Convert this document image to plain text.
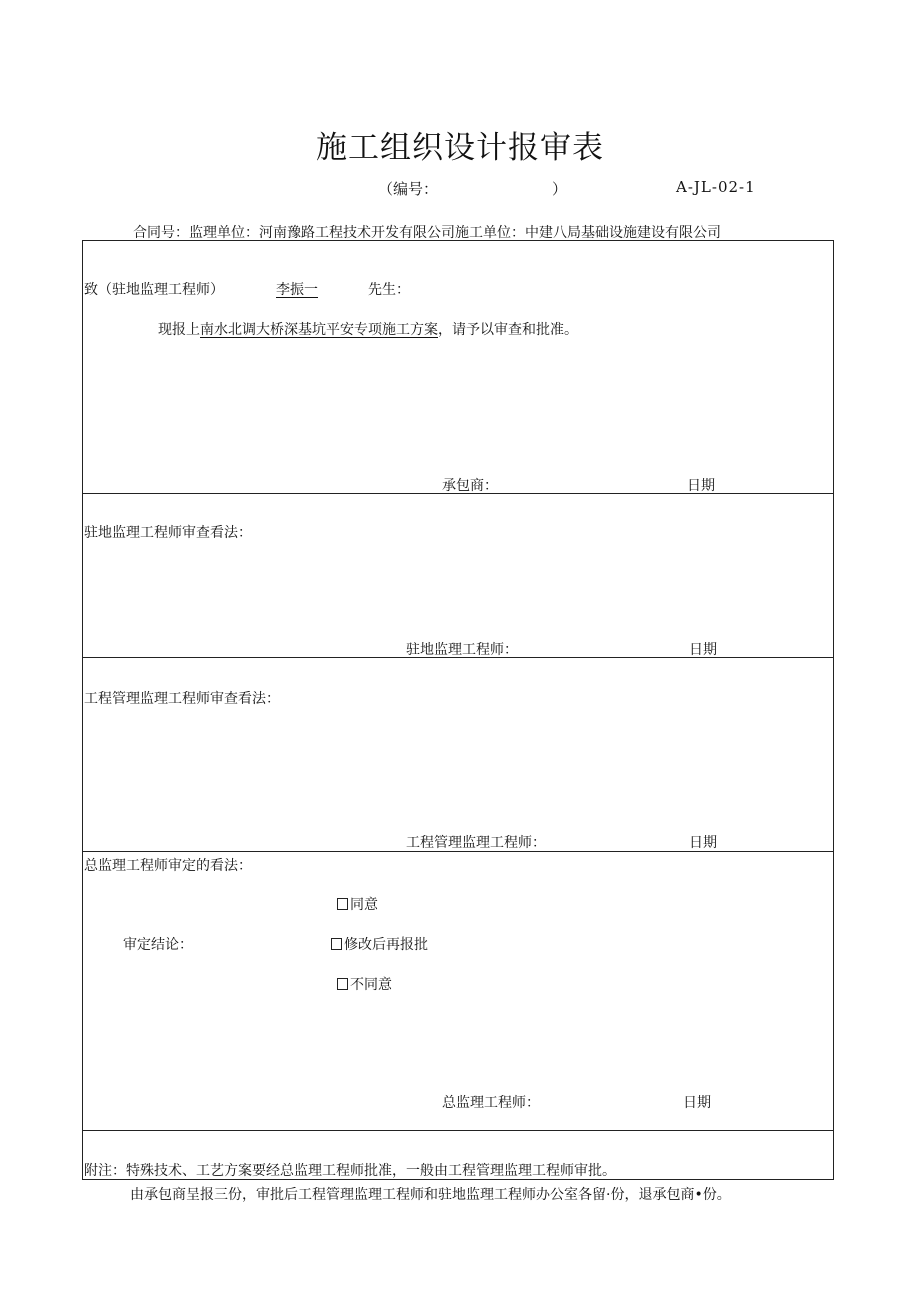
施工组织设计报审表
（编号：	）	A-JL-02-1
合同号：监理单位：河南豫路工程技术开发有限公司施工单位：中建八局基础设施建设有限公司
致（驻地监理工程师）	李振一	先生：
现报上南水北调大桥深基坑平安专项施工方案，请予以审查和批准。
承包商：	日期
驻地监理工程师审查看法：
驻地监理工程师：	日期
工程管理监理工程师审查看法：
工程管理监理工程师：	日期
总监理工程师审定的看法：
审定结论：
同意
修改后再报批
不同意
总监理工程师：	日期
附注：特殊技术、工艺方案要经总监理工程师批准，一般由工程管理监理工程师审批。
由承包商呈报三份，审批后工程管理监理工程师和驻地监理工程师办公室各留·份，退承包商•份。
